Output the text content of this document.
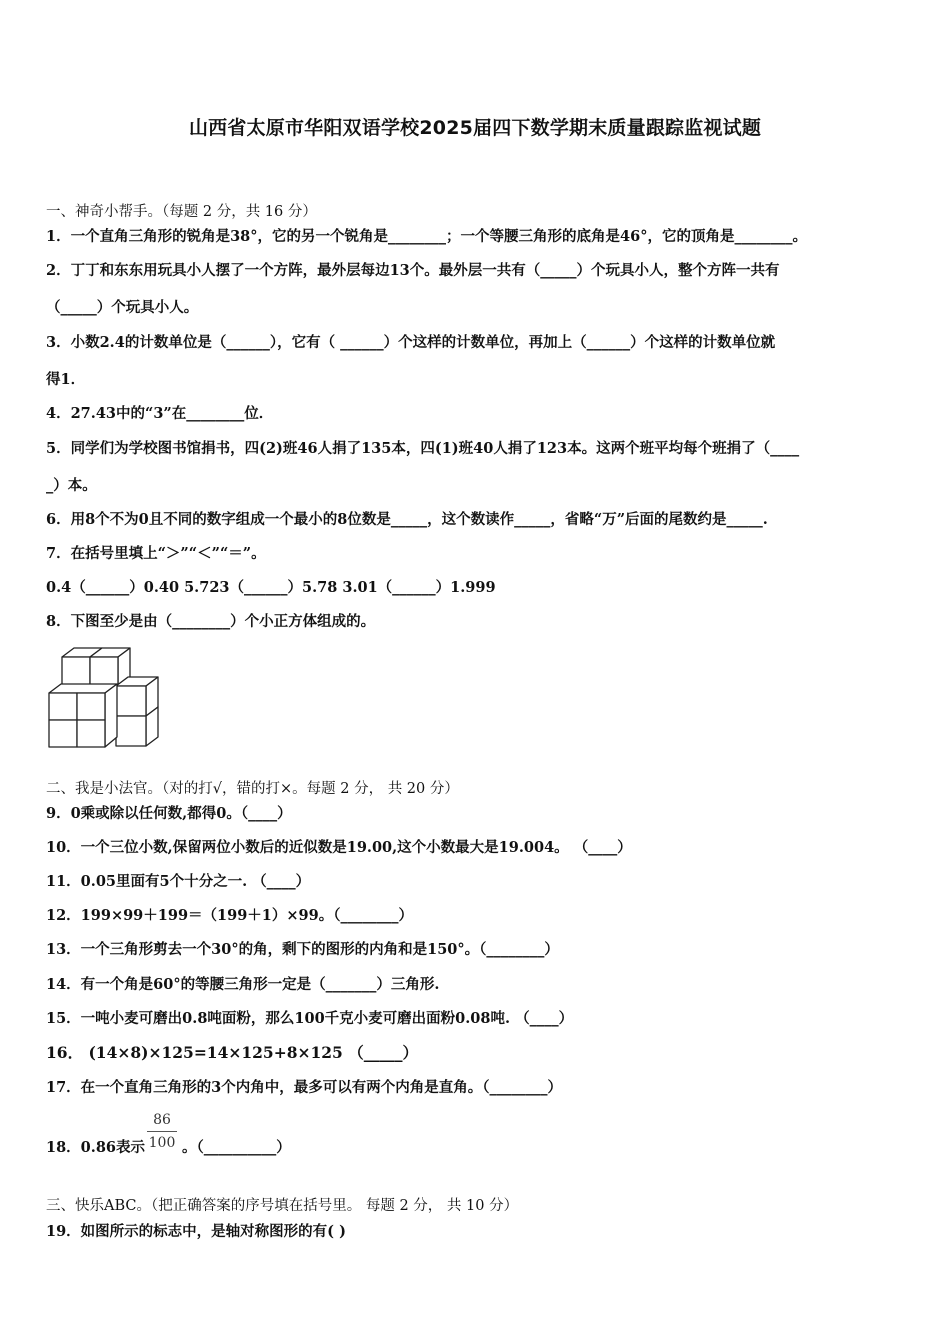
山西省太原市华阳双语学校2025届四下数学期末质量跟踪监视试题
一、神奇小帮手。（每题 2 分，共 16 分）
1．一个直角三角形的锐角是38°，它的另一个锐角是________；一个等腰三角形的底角是46°，它的顶角是________。
2．丁丁和东东用玩具小人摆了一个方阵，最外层每边13个。最外层一共有（_____）个玩具小人，整个方阵一共有
（_____）个玩具小人。
3．小数2.4的计数单位是（______），它有（ ______）个这样的计数单位，再加上（______）个这样的计数单位就
得1．
4．27.43中的“3”在________位．
5．同学们为学校图书馆捐书，四(2)班46人捐了135本，四(1)班40人捐了123本。这两个班平均每个班捐了（____
_）本。
6．用8个不为0且不同的数字组成一个最小的8位数是_____，这个数读作_____，省略“万”后面的尾数约是_____.
7．在括号里填上“＞”“＜”“＝”。
0.4（______）0.40 5.723（______）5.78 3.01（______）1.999
8．下图至少是由（________）个小正方体组成的。
二、我是小法官。（对的打√，错的打×。每题 2 分， 共 20 分）
9．0乘或除以任何数,都得0。（____）
10．一个三位小数,保留两位小数后的近似数是19.00,这个小数最大是19.004。 （____）
11．0.05里面有5个十分之一. （____）
12．199×99＋199＝（199＋1）×99。（________）
13．一个三角形剪去一个30°的角，剩下的图形的内角和是150°。（________）
14．有一个角是60°的等腰三角形一定是（_______）三角形.
15．一吨小麦可磨出0.8吨面粉，那么100千克小麦可磨出面粉0.08吨. （____）
16． (14×8)×125=14×125+8×125 （_____）
17．在一个直角三角形的3个内角中，最多可以有两个内角是直角。（________）
18．0.86表示
86
100 。（__________）
三、快乐ABC。（把正确答案的序号填在括号里。 每题 2 分， 共 10 分）
19．如图所示的标志中，是轴对称图形的有( )
